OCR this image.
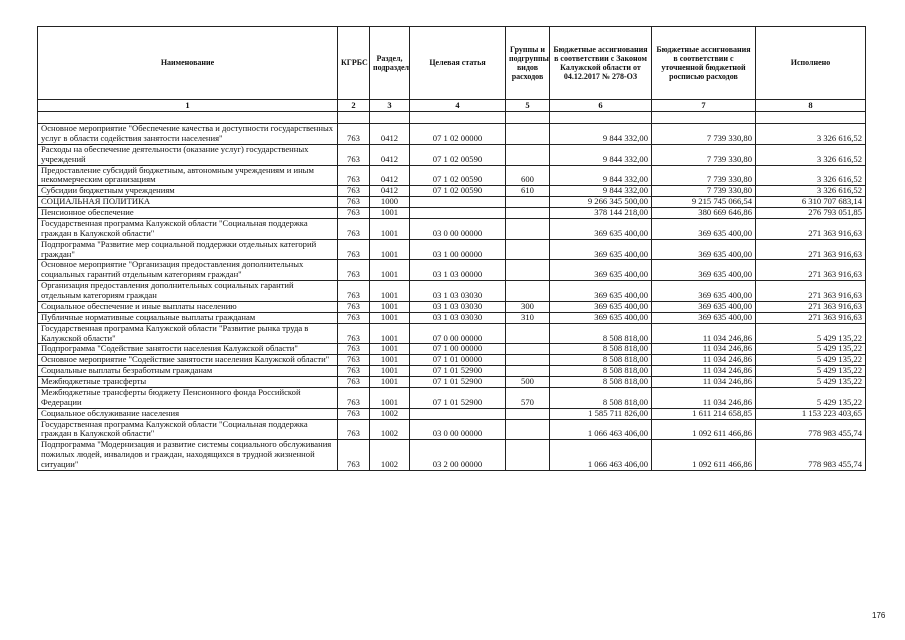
Наименование	КГРБС	Раздел, подраздел	Целевая статья	Группы и подгруппы видов расходов	Бюджетные ассигнования в соответствии с Законом Калужской области от 04.12.2017 № 278-ОЗ	Бюджетные ассигнования в соответствии с уточненной бюджетной росписью расходов	Исполнено
1	2	3	4	5	6	7	8

Основное мероприятие "Обеспечение качества и доступности государственных услуг в области содействия занятости населения"	763	0412	07 1 02 00000		9 844 332,00	7 739 330,80	3 326 616,52
Расходы на обеспечение деятельности (оказание услуг) государственных учреждений	763	0412	07 1 02 00590		9 844 332,00	7 739 330,80	3 326 616,52
Предоставление субсидий бюджетным, автономным учреждениям и иным некоммерческим организациям	763	0412	07 1 02 00590	600	9 844 332,00	7 739 330,80	3 326 616,52
Субсидии бюджетным учреждениям	763	0412	07 1 02 00590	610	9 844 332,00	7 739 330,80	3 326 616,52
СОЦИАЛЬНАЯ ПОЛИТИКА	763	1000			9 266 345 500,00	9 215 745 066,54	6 310 707 683,14
Пенсионное обеспечение	763	1001			378 144 218,00	380 669 646,86	276 793 051,85
Государственная программа Калужской области "Социальная поддержка граждан в Калужской области"	763	1001	03 0 00 00000		369 635 400,00	369 635 400,00	271 363 916,63
Подпрограмма "Развитие мер социальной поддержки отдельных категорий граждан"	763	1001	03 1 00 00000		369 635 400,00	369 635 400,00	271 363 916,63
Основное мероприятие "Организация предоставления дополнительных социальных гарантий отдельным категориям граждан"	763	1001	03 1 03 00000		369 635 400,00	369 635 400,00	271 363 916,63
Организация предоставления дополнительных социальных гарантий отдельным категориям граждан	763	1001	03 1 03 03030		369 635 400,00	369 635 400,00	271 363 916,63
Социальное обеспечение и иные выплаты населению	763	1001	03 1 03 03030	300	369 635 400,00	369 635 400,00	271 363 916,63
Публичные нормативные социальные выплаты гражданам	763	1001	03 1 03 03030	310	369 635 400,00	369 635 400,00	271 363 916,63
Государственная программа Калужской области "Развитие рынка труда в Калужской области"	763	1001	07 0 00 00000		8 508 818,00	11 034 246,86	5 429 135,22
Подпрограмма "Содействие занятости населения Калужской области"	763	1001	07 1 00 00000		8 508 818,00	11 034 246,86	5 429 135,22
Основное мероприятие "Содействие занятости населения Калужской области"	763	1001	07 1 01 00000		8 508 818,00	11 034 246,86	5 429 135,22
Социальные выплаты безработным гражданам	763	1001	07 1 01 52900		8 508 818,00	11 034 246,86	5 429 135,22
Межбюджетные трансферты	763	1001	07 1 01 52900	500	8 508 818,00	11 034 246,86	5 429 135,22
Межбюджетные трансферты бюджету Пенсионного фонда Российской Федерации	763	1001	07 1 01 52900	570	8 508 818,00	11 034 246,86	5 429 135,22
Социальное обслуживание населения	763	1002			1 585 711 826,00	1 611 214 658,85	1 153 223 403,65
Государственная программа Калужской области "Социальная поддержка граждан в Калужской области"	763	1002	03 0 00 00000		1 066 463 406,00	1 092 611 466,86	778 983 455,74
Подпрограмма "Модернизация и развитие системы социального обслуживания пожилых людей, инвалидов и граждан, находящихся в трудной жизненной ситуации"	763	1002	03 2 00 00000		1 066 463 406,00	1 092 611 466,86	778 983 455,74
176
